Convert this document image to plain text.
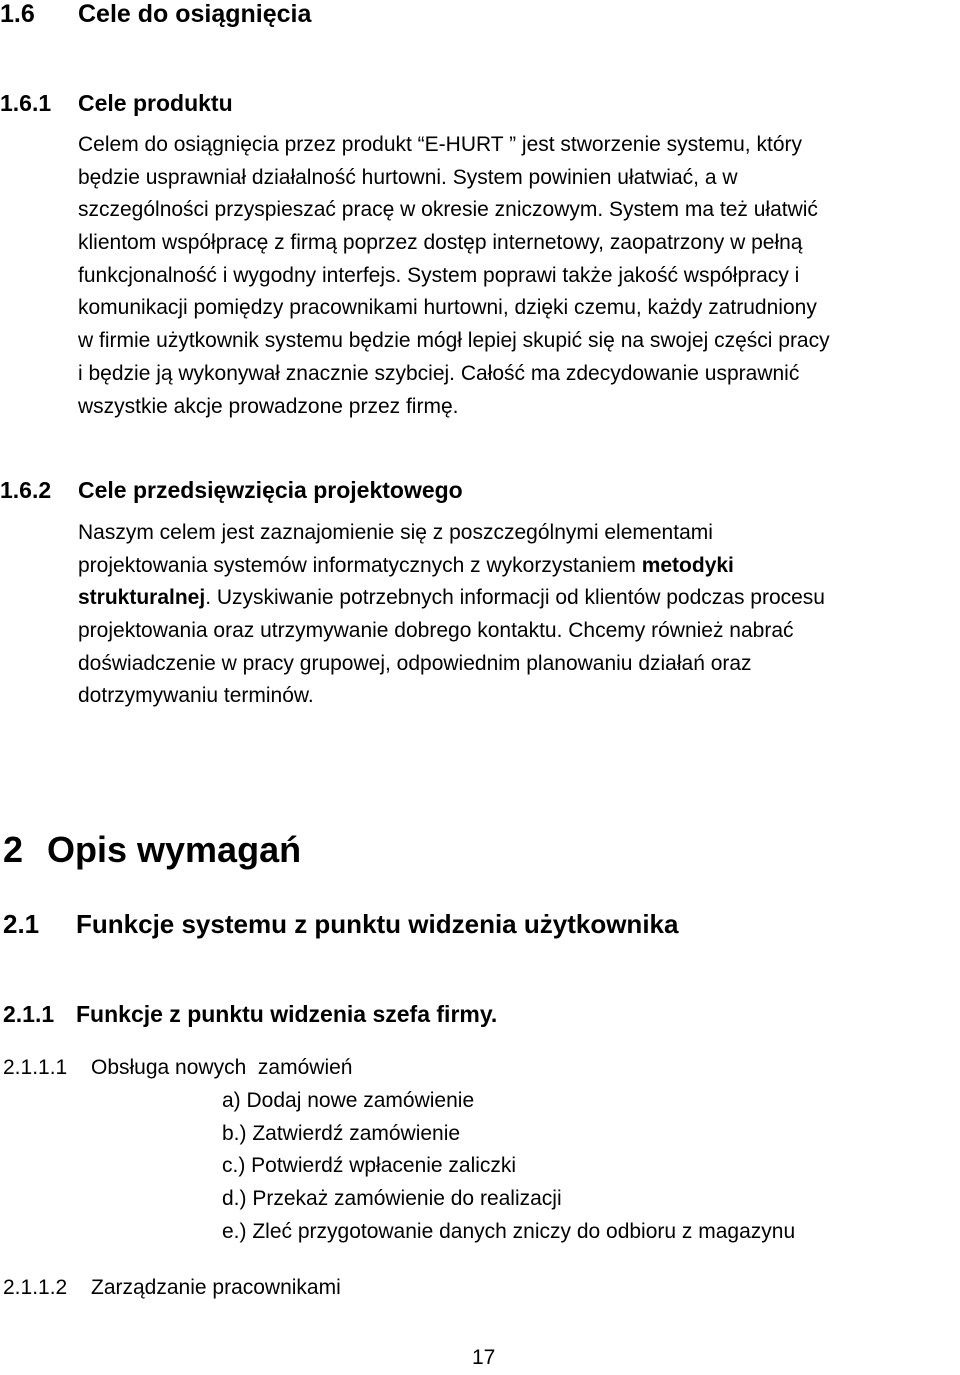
1.6 Cele do osiągnięcia
1.6.1 Cele produktu
Celem do osiągnięcia przez produkt “E-HURT ” jest stworzenie systemu, który
będzie usprawniał działalność hurtowni. System powinien ułatwiać, a w
szczególności przyspieszać pracę w okresie zniczowym. System ma też ułatwić
klientom współpracę z firmą poprzez dostęp internetowy, zaopatrzony w pełną
funkcjonalność i wygodny interfejs. System poprawi także jakość współpracy i
komunikacji pomiędzy pracownikami hurtowni, dzięki czemu, każdy zatrudniony
w firmie użytkownik systemu będzie mógł lepiej skupić się na swojej części pracy
i będzie ją wykonywał znacznie szybciej. Całość ma zdecydowanie usprawnić
wszystkie akcje prowadzone przez firmę.
1.6.2 Cele przedsięwzięcia projektowego
Naszym celem jest zaznajomienie się z poszczególnymi elementami
projektowania systemów informatycznych z wykorzystaniem metodyki
strukturalnej. Uzyskiwanie potrzebnych informacji od klientów podczas procesu
projektowania oraz utrzymywanie dobrego kontaktu. Chcemy również nabrać
doświadczenie w pracy grupowej, odpowiednim planowaniu działań oraz
dotrzymywaniu terminów.
2 Opis wymagań
2.1 Funkcje systemu z punktu widzenia użytkownika
2.1.1 Funkcje z punktu widzenia szefa firmy.
2.1.1.1 Obsługa nowych  zamówień
a) Dodaj nowe zamówienie
b.) Zatwierdź zamówienie
c.) Potwierdź wpłacenie zaliczki
d.) Przekaż zamówienie do realizacji
e.) Zleć przygotowanie danych zniczy do odbioru z magazynu
2.1.1.2 Zarządzanie pracownikami
17
